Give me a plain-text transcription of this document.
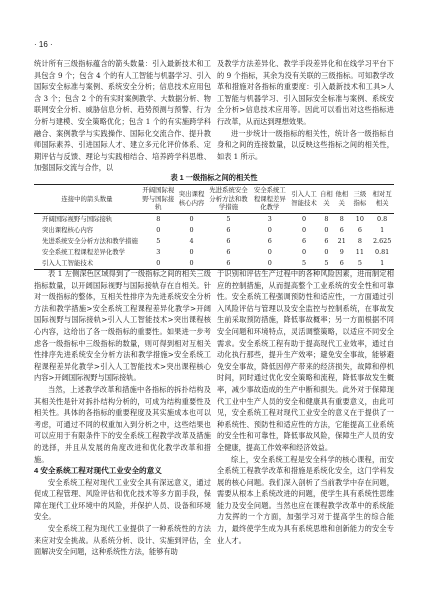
· 16 ·

统计所有三级指标蕴含的箭头数量：引入最新技术和工具包含 9 个；包含 4 个的有人工智能与机器学习、引入国际安全标准与案例、系统安全分析；信息技术应用包含 3 个；包含 2 个的有实时案例教学、大数据分析、物联网安全分析、威胁信息分析、趋势预测与预警、行为分析与建模、安全策略优化；包含 1 个的有实施跨学科融合、案例教学与实践操作、国际化交流合作、提升教师国际素养、引进国际人才、建立多元化评价体系、定期评估与反馈、理论与实践相结合、培养跨学科思维、加强国际交流与合作，以

及教学方法差异化、教学手段差异化和在线学习平台下的 9 个指标，其余为没有关联的三级指标。可知教学改革和措施对各指标的重要度：引入最新技术和工具>人工智能与机器学习、引入国际安全标准与案例、系统安全分析>信息技术应用等。因此可以看出对这些指标进行改革，从而达到理想效果。

进一步统计一级指标的相关性，统计各一级指标自身和之间的连接数量，以反映这些指标之间的相关性，如表 1 所示。

表 1 一级指标之间的相关性
连接中的箭头数量	开阔国际视野与国际接轨	突出课程核心内容	先进系统安全分析方法和教学措施	安全系统工程课程差异化教学	引入人工智能技术	自相关	他相关	三级指标	相对互相关
开阔国际视野与国际接轨	8	0	5	3	0	8	8	10	0.8
突出课程核心内容	0	0	6	0	0	0	6	6	1
先进系统安全分析方法和教学措施	5	4	6	6	6	6	21	8	2.625
安全系统工程课程差异化教学	3	0	6	0	0	0	9	11	0.81
引入人工智能技术	0	0	6	0	5	5	6	5	1

表 1 左侧深色区域得到了一级指标之间的相关三级指标数量，以开阔国际视野与国际接轨存在自相关。针对一级指标的整体，互相关性排序为先进系统安全分析方法和教学措施>安全系统工程课程差异化教学>开阔国际视野与国际接轨>引入人工智能技术>突出课程核心内容，这给出了各一级指标的重要性。如果进一步考虑各一级指标中三级指标的数量，则可得到相对互相关性排序先进系统安全分析方法和教学措施>安全系统工程课程差异化教学>引入人工智能技术>突出课程核心内容>开阔国际视野与国际接轨。

当然，上述教学改革和措施中各指标的拆扑结构及其相关性是针对拆扑结构分析的，可成为结构重要性及相关性。具体的各指标的重要程度及其实施成本也可以考虑，可通过不同的权重加入到分析之中，这些结果也可以应用于有限条件下的安全系统工程教学改革及措施的选择，并且从发展的角度改进和优化教学改革和措施。

4 安全系统工程对现代工业安全的意义

安全系统工程对现代工业安全具有深远意义，通过促成工程管理、风险评估和优化技术等多方面手段，保障在现代工业环境中的风险，并保护人员、设备和环境安全。

安全系统工程为现代工业提供了一种系统性的方法来应对安全挑战。从系统分析、设计、实施到评估，全面解决安全问题，这种系统性方法，能够有助

于识别和评估生产过程中的各种风险因素，进而制定相应的控制措施，从而提高整个工业系统的安全性和可靠性。安全系统工程强调预防性和适应性，一方面通过引入风险评估与管理以及安全监控与控制系统，在事故发生前采取预防措施，降低事故概率；另一方面根据不同安全问题和环境特点，灵活调整策略，以适应不同安全需求。安全系统工程有助于提高现代工业效率，通过自动化执行那些，提升生产效率；避免安全事故，能够避免安全事故，降低因停产带来的经济损失，故障和停机时间，同时通过优化安全策略和流程，降低事故发生概率，减少事故造成的生产中断和损失。此外对于保障现代工业中生产人员的安全和健康具有重要意义，由此可见，安全系统工程对现代工业安全的意义在于提供了一种系统性、预防性和适应性的方法，它能提高工业系统的安全性和可靠性，降低事故风险，保障生产人员的安全健康，提高工作效率和经济效益。

综上，安全系统工程是安全科学的核心课程，而安全系统工程教学改革和措施是系统化安全，这门学科发展的核心问题。我们深入剖析了当前教学中存在问题，需要从根本上系统改进的问题，使学生具有系统性思维能力及安全问题。当然也应在课程教学改革中的系统能力发挥的一个方面，加强学习对于提高学生的综合能力，最终使学生成为具有系统思维和创新能力的安全专业人才。
